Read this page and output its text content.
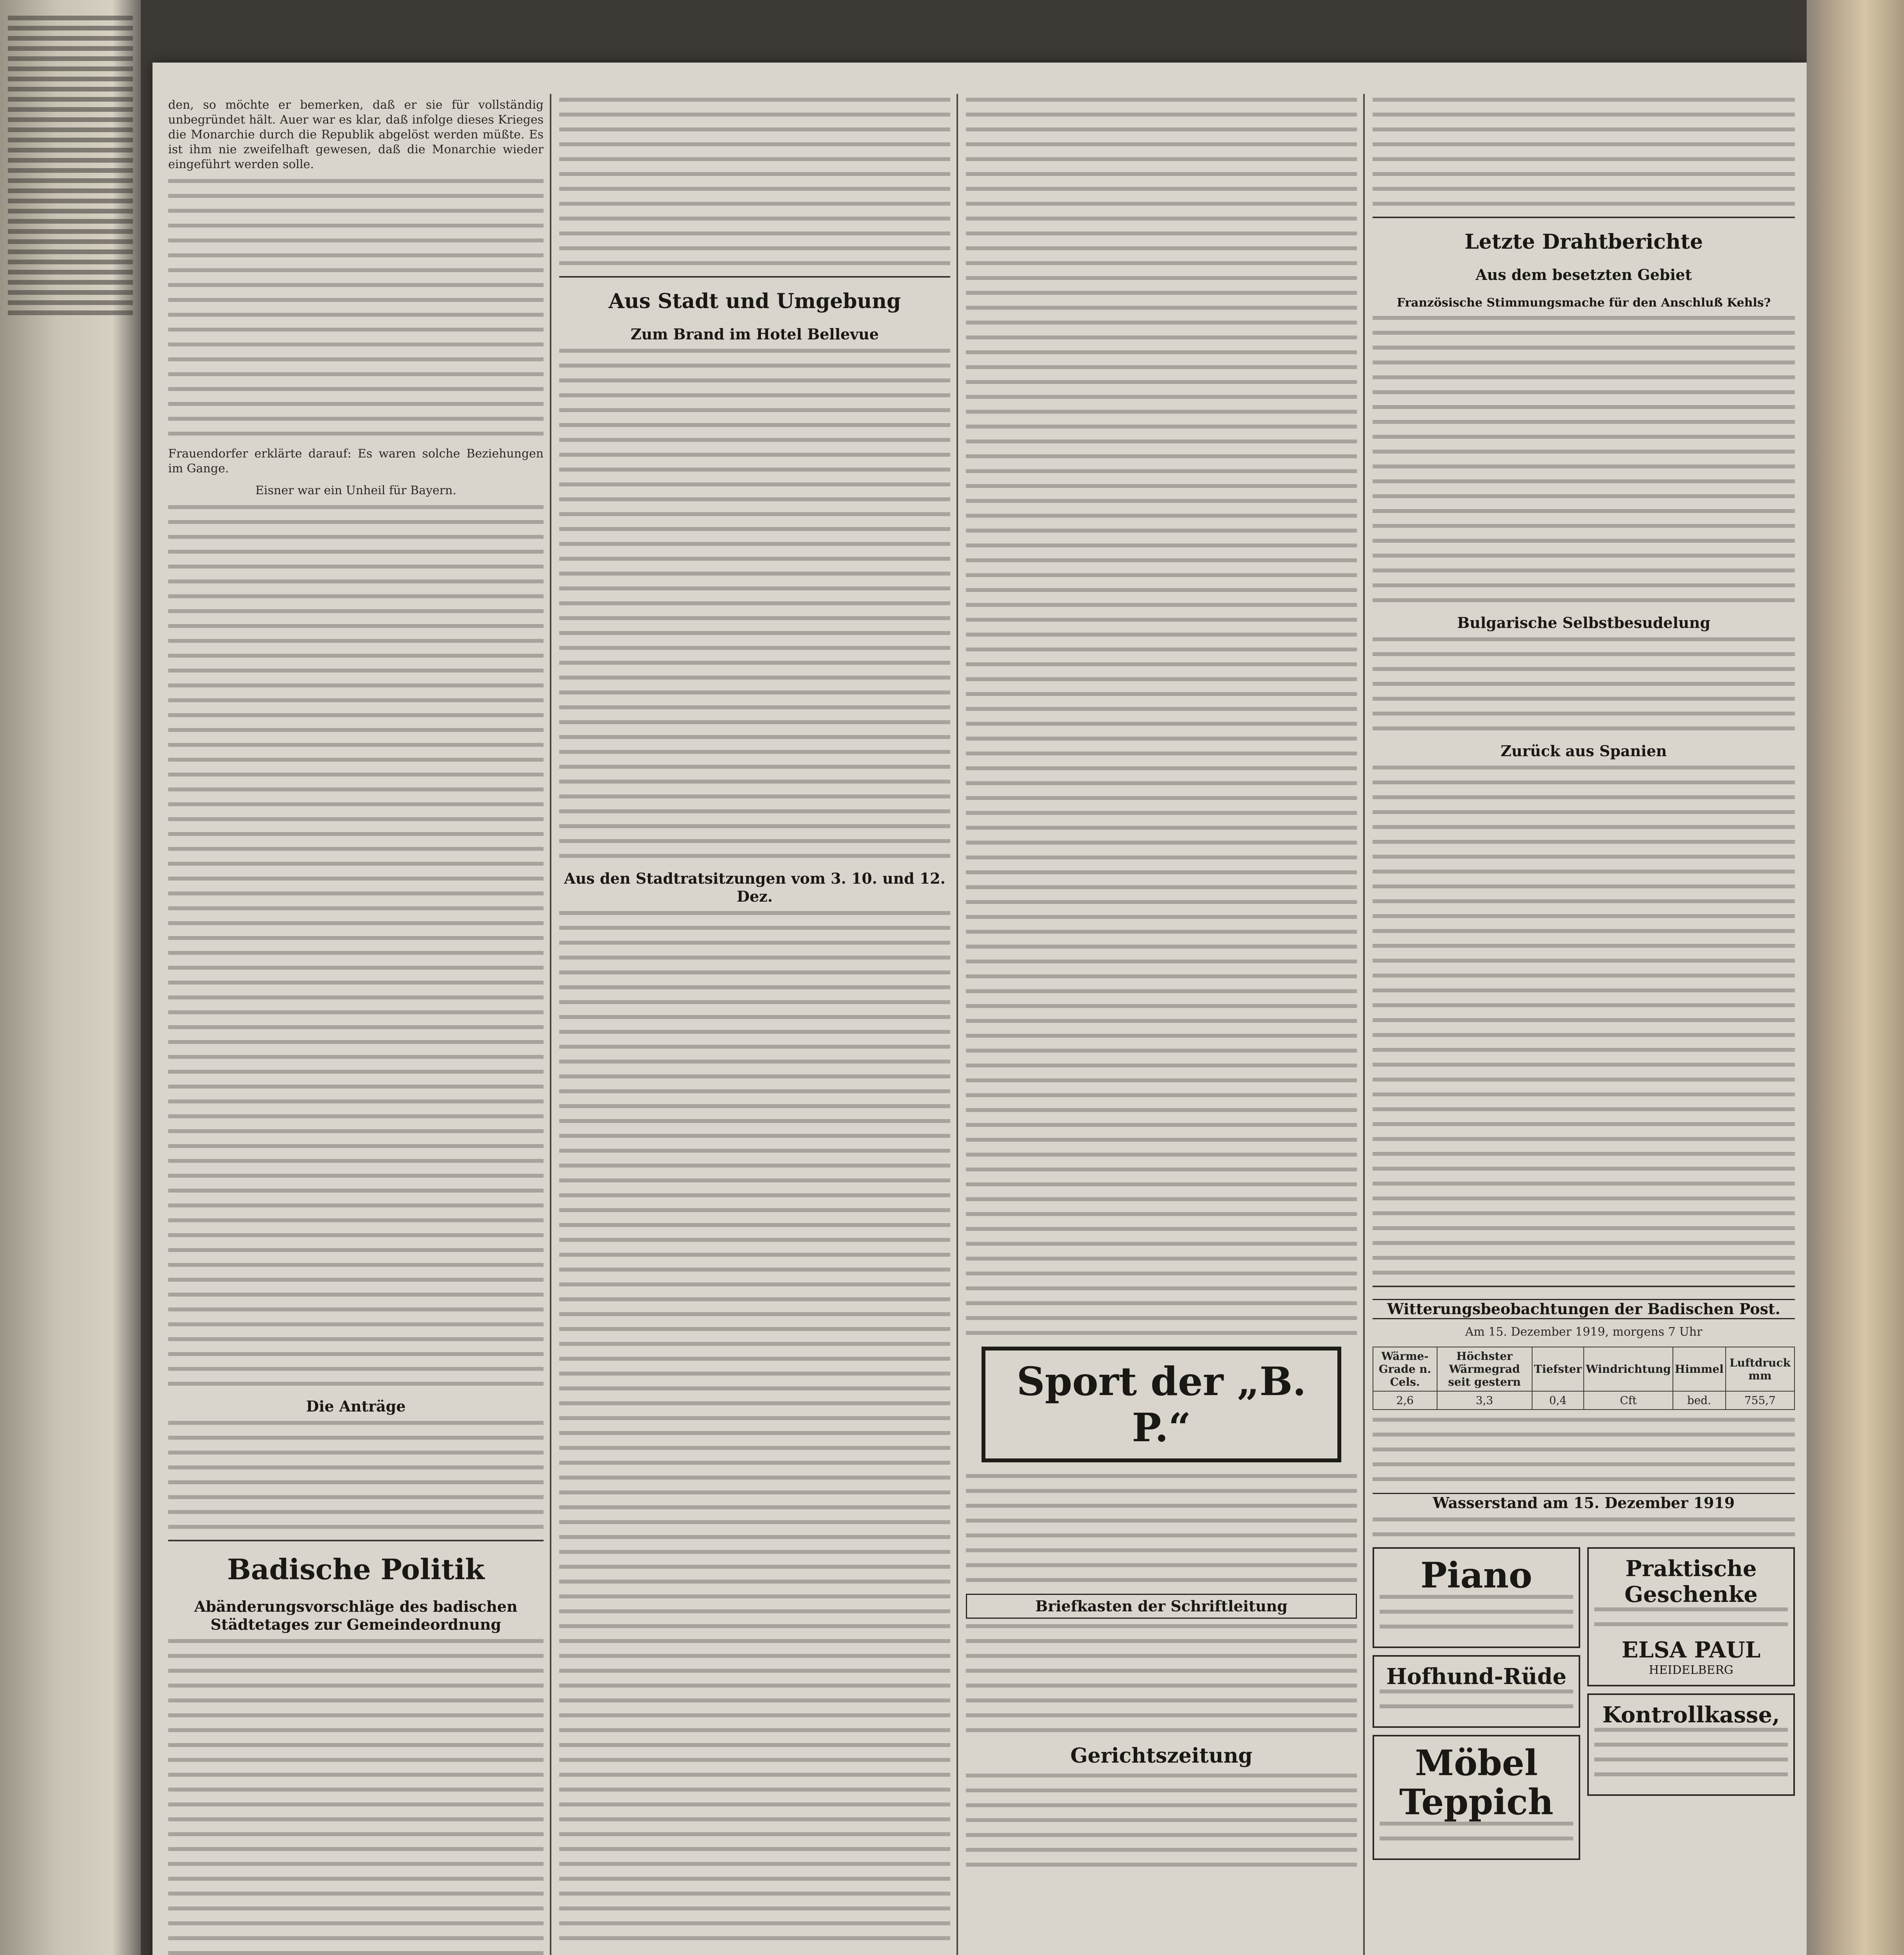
den, so möchte er bemerken, daß er sie für vollständig unbegründet hält. Auer war es klar, daß infolge dieses Krieges die Monarchie durch die Republik abgelöst werden müßte. Es ist ihm nie zweifelhaft gewesen, daß die Monarchie wieder eingeführt werden solle.

Frauendorfer erklärte darauf: Es waren solche Beziehungen im Gange.

Eisner war ein Unheil für Bayern.

Die Anträge
Badische Politik
Abänderungsvorschläge des badischen Städtetages zur Gemeindeordnung
Aus Stadt und Umgebung
Zum Brand im Hotel Bellevue
Aus den Stadtratsitzungen vom 3. 10. und 12. Dez.
Sport der „B. P.“
Briefkasten der Schriftleitung
Gerichtszeitung
Letzte Drahtberichte
Aus dem besetzten Gebiet
Französische Stimmungsmache für den Anschluß Kehls?
Bulgarische Selbstbesudelung
Zurück aus Spanien
Witterungsbeobachtungen der Badischen Post.
Am 15. Dezember 1919, morgens 7 Uhr
Wärme-Grade n. Cels.	Höchster Wärmegrad seit gestern	Tiefster	Windrichtung	Himmel	Luftdruck mm
2,6	3,3	0,4	Cft	bed.	755,7
Wasserstand am 15. Dezember 1919
Piano
Hofhund-Rüde
Möbel
Teppich
Praktische Geschenke
ELSA PAUL
HEIDELBERG
Kontrollkasse,
